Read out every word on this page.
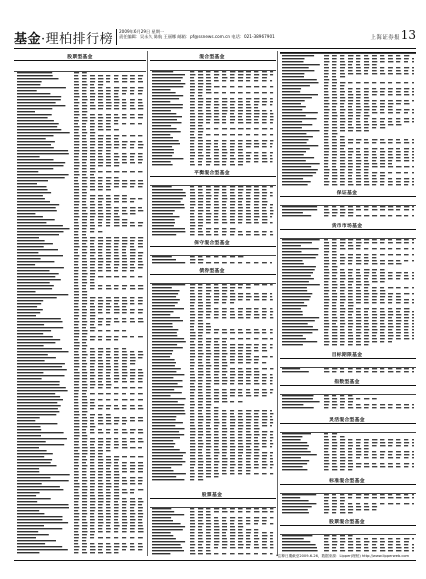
基金·理柏排行榜
2009年6月29日 星期一
责任编辑：吴永久 陈航 王丽娜 邮箱：pf@ssnews.com.cn 电话：021-38967901	上海证券报 13
股票型基金	混合型基金
平衡混合型基金
保守混合型基金
债券型基金
股票基金
保证基金
货币市场基金
目标期限基金
指数型基金
灵活混合型基金
标准混合型基金
股票混合型基金
*注释日期截至2009-6-26，数据来源：Lipper(理柏) http://www.lipperweb.com
